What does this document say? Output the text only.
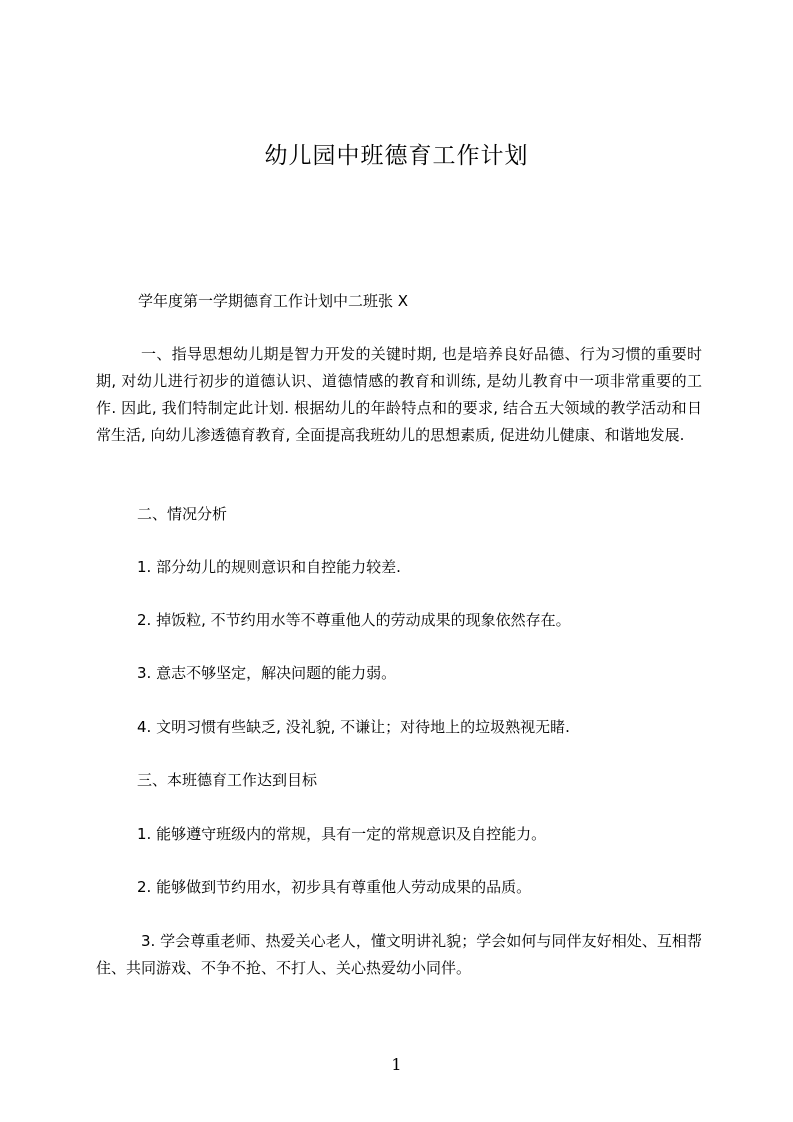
幼儿园中班德育工作计划
学年度第一学期德育工作计划中二班张 X
一、指导思想幼儿期是智力开发的关键时期, 也是培养良好品德、行为习惯的重要时期, 对幼儿进行初步的道德认识、道德情感的教育和训练, 是幼儿教育中一项非常重要的工作. 因此, 我们特制定此计划. 根据幼儿的年龄特点和的要求, 结合五大领域的教学活动和日常生活, 向幼儿渗透德育教育, 全面提高我班幼儿的思想素质, 促进幼儿健康、和谐地发展.
二、情况分析
1. 部分幼儿的规则意识和自控能力较差.
2. 掉饭粒, 不节约用水等不尊重他人的劳动成果的现象依然存在。
3. 意志不够坚定，解决问题的能力弱。
4. 文明习惯有些缺乏, 没礼貌, 不谦让；对待地上的垃圾熟视无睹.
三、本班德育工作达到目标
1. 能够遵守班级内的常规，具有一定的常规意识及自控能力。
2. 能够做到节约用水，初步具有尊重他人劳动成果的品质。
3. 学会尊重老师、热爱关心老人，懂文明讲礼貌；学会如何与同伴友好相处、互相帮住、共同游戏、不争不抢、不打人、关心热爱幼小同伴。
1
